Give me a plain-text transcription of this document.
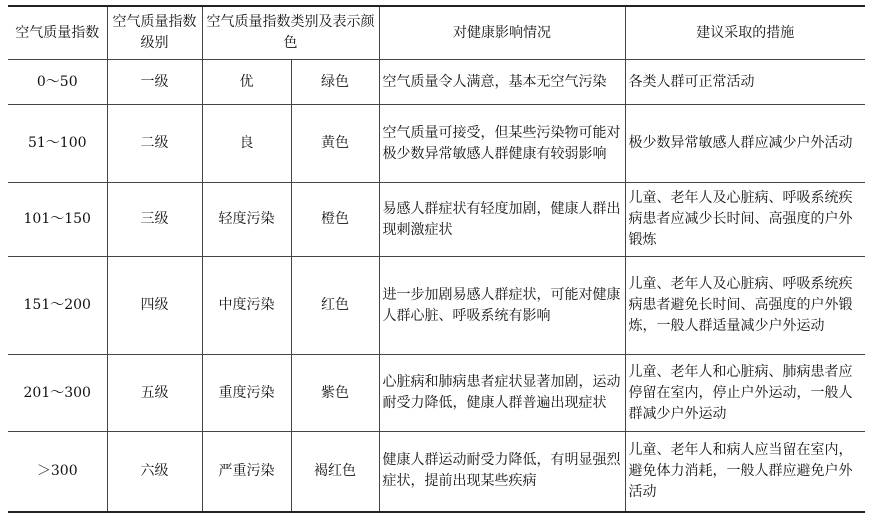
空气质量指数	空气质量指数级别	空气质量指数类别及表示颜色		对健康影响情况	建议采取的措施
0～50	一级	优	绿色	空气质量令人满意，基本无空气污染	各类人群可正常活动
51～100	二级	良	黄色	空气质量可接受，但某些污染物可能对极少数异常敏感人群健康有较弱影响	极少数异常敏感人群应减少户外活动
101～150	三级	轻度污染	橙色	易感人群症状有轻度加剧，健康人群出现刺激症状	儿童、老年人及心脏病、呼吸系统疾病患者应减少长时间、高强度的户外锻炼
151～200	四级	中度污染	红色	进一步加剧易感人群症状，可能对健康人群心脏、呼吸系统有影响	儿童、老年人及心脏病、呼吸系统疾病患者避免长时间、高强度的户外锻炼，一般人群适量减少户外运动
201～300	五级	重度污染	紫色	心脏病和肺病患者症状显著加剧，运动耐受力降低，健康人群普遍出现症状	儿童、老年人和心脏病、肺病患者应停留在室内，停止户外运动，一般人群减少户外运动
＞300	六级	严重污染	褐红色	健康人群运动耐受力降低，有明显强烈症状，提前出现某些疾病	儿童、老年人和病人应当留在室内，避免体力消耗，一般人群应避免户外活动
